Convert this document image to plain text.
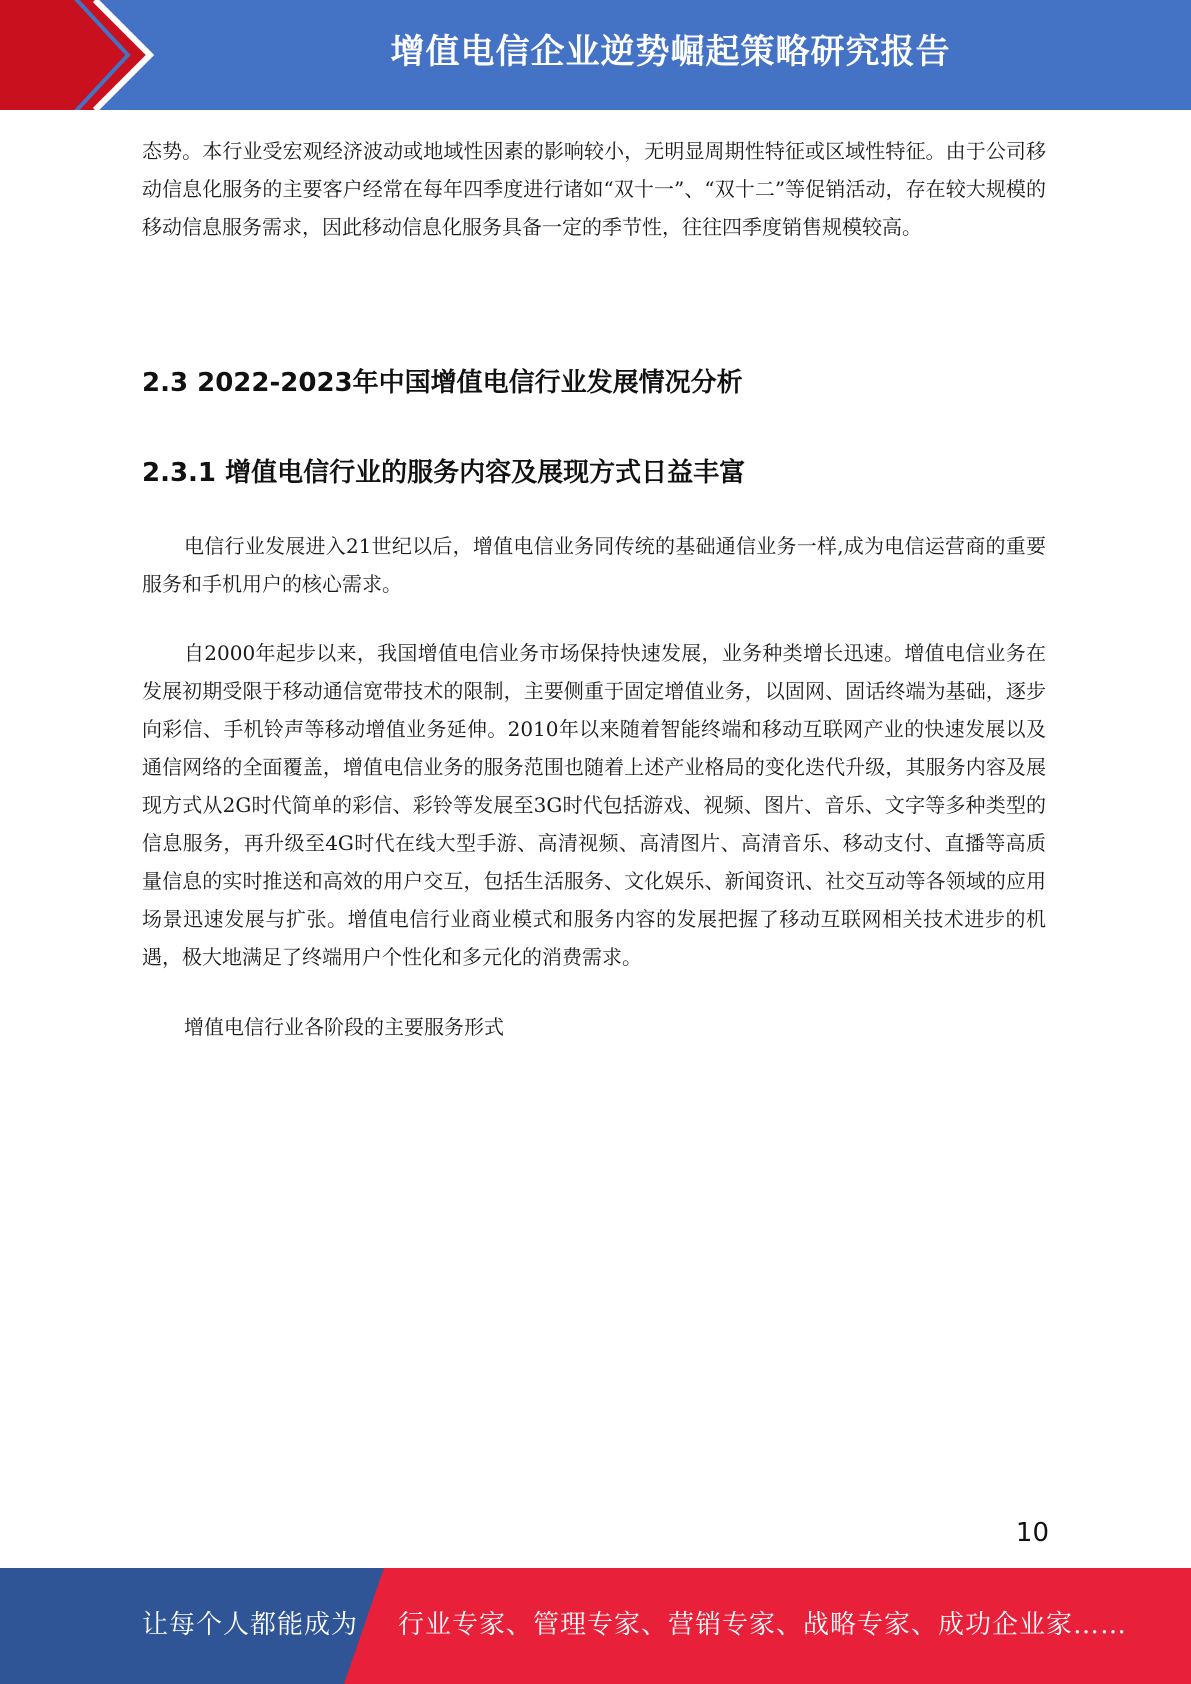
增值电信企业逆势崛起策略研究报告

态势。本行业受宏观经济波动或地域性因素的影响较小，无明显周期性特征或区域性特征。由于公司移动信息化服务的主要客户经常在每年四季度进行诸如“双十一”、“双十二”等促销活动，存在较大规模的移动信息服务需求，因此移动信息化服务具备一定的季节性，往往四季度销售规模较高。

2.3 2022-2023年中国增值电信行业发展情况分析
2.3.1 增值电信行业的服务内容及展现方式日益丰富

电信行业发展进入21世纪以后，增值电信业务同传统的基础通信业务一样,成为电信运营商的重要服务和手机用户的核心需求。

自2000年起步以来，我国增值电信业务市场保持快速发展，业务种类增长迅速。增值电信业务在发展初期受限于移动通信宽带技术的限制，主要侧重于固定增值业务，以固网、固话终端为基础，逐步向彩信、手机铃声等移动增值业务延伸。2010年以来随着智能终端和移动互联网产业的快速发展以及通信网络的全面覆盖，增值电信业务的服务范围也随着上述产业格局的变化迭代升级，其服务内容及展现方式从2G时代简单的彩信、彩铃等发展至3G时代包括游戏、视频、图片、音乐、文字等多种类型的信息服务，再升级至4G时代在线大型手游、高清视频、高清图片、高清音乐、移动支付、直播等高质量信息的实时推送和高效的用户交互，包括生活服务、文化娱乐、新闻资讯、社交互动等各领域的应用场景迅速发展与扩张。增值电信行业商业模式和服务内容的发展把握了移动互联网相关技术进步的机遇，极大地满足了终端用户个性化和多元化的消费需求。

增值电信行业各阶段的主要服务形式

10
让每个人都能成为 行业专家、管理专家、营销专家、战略专家、成功企业家……
